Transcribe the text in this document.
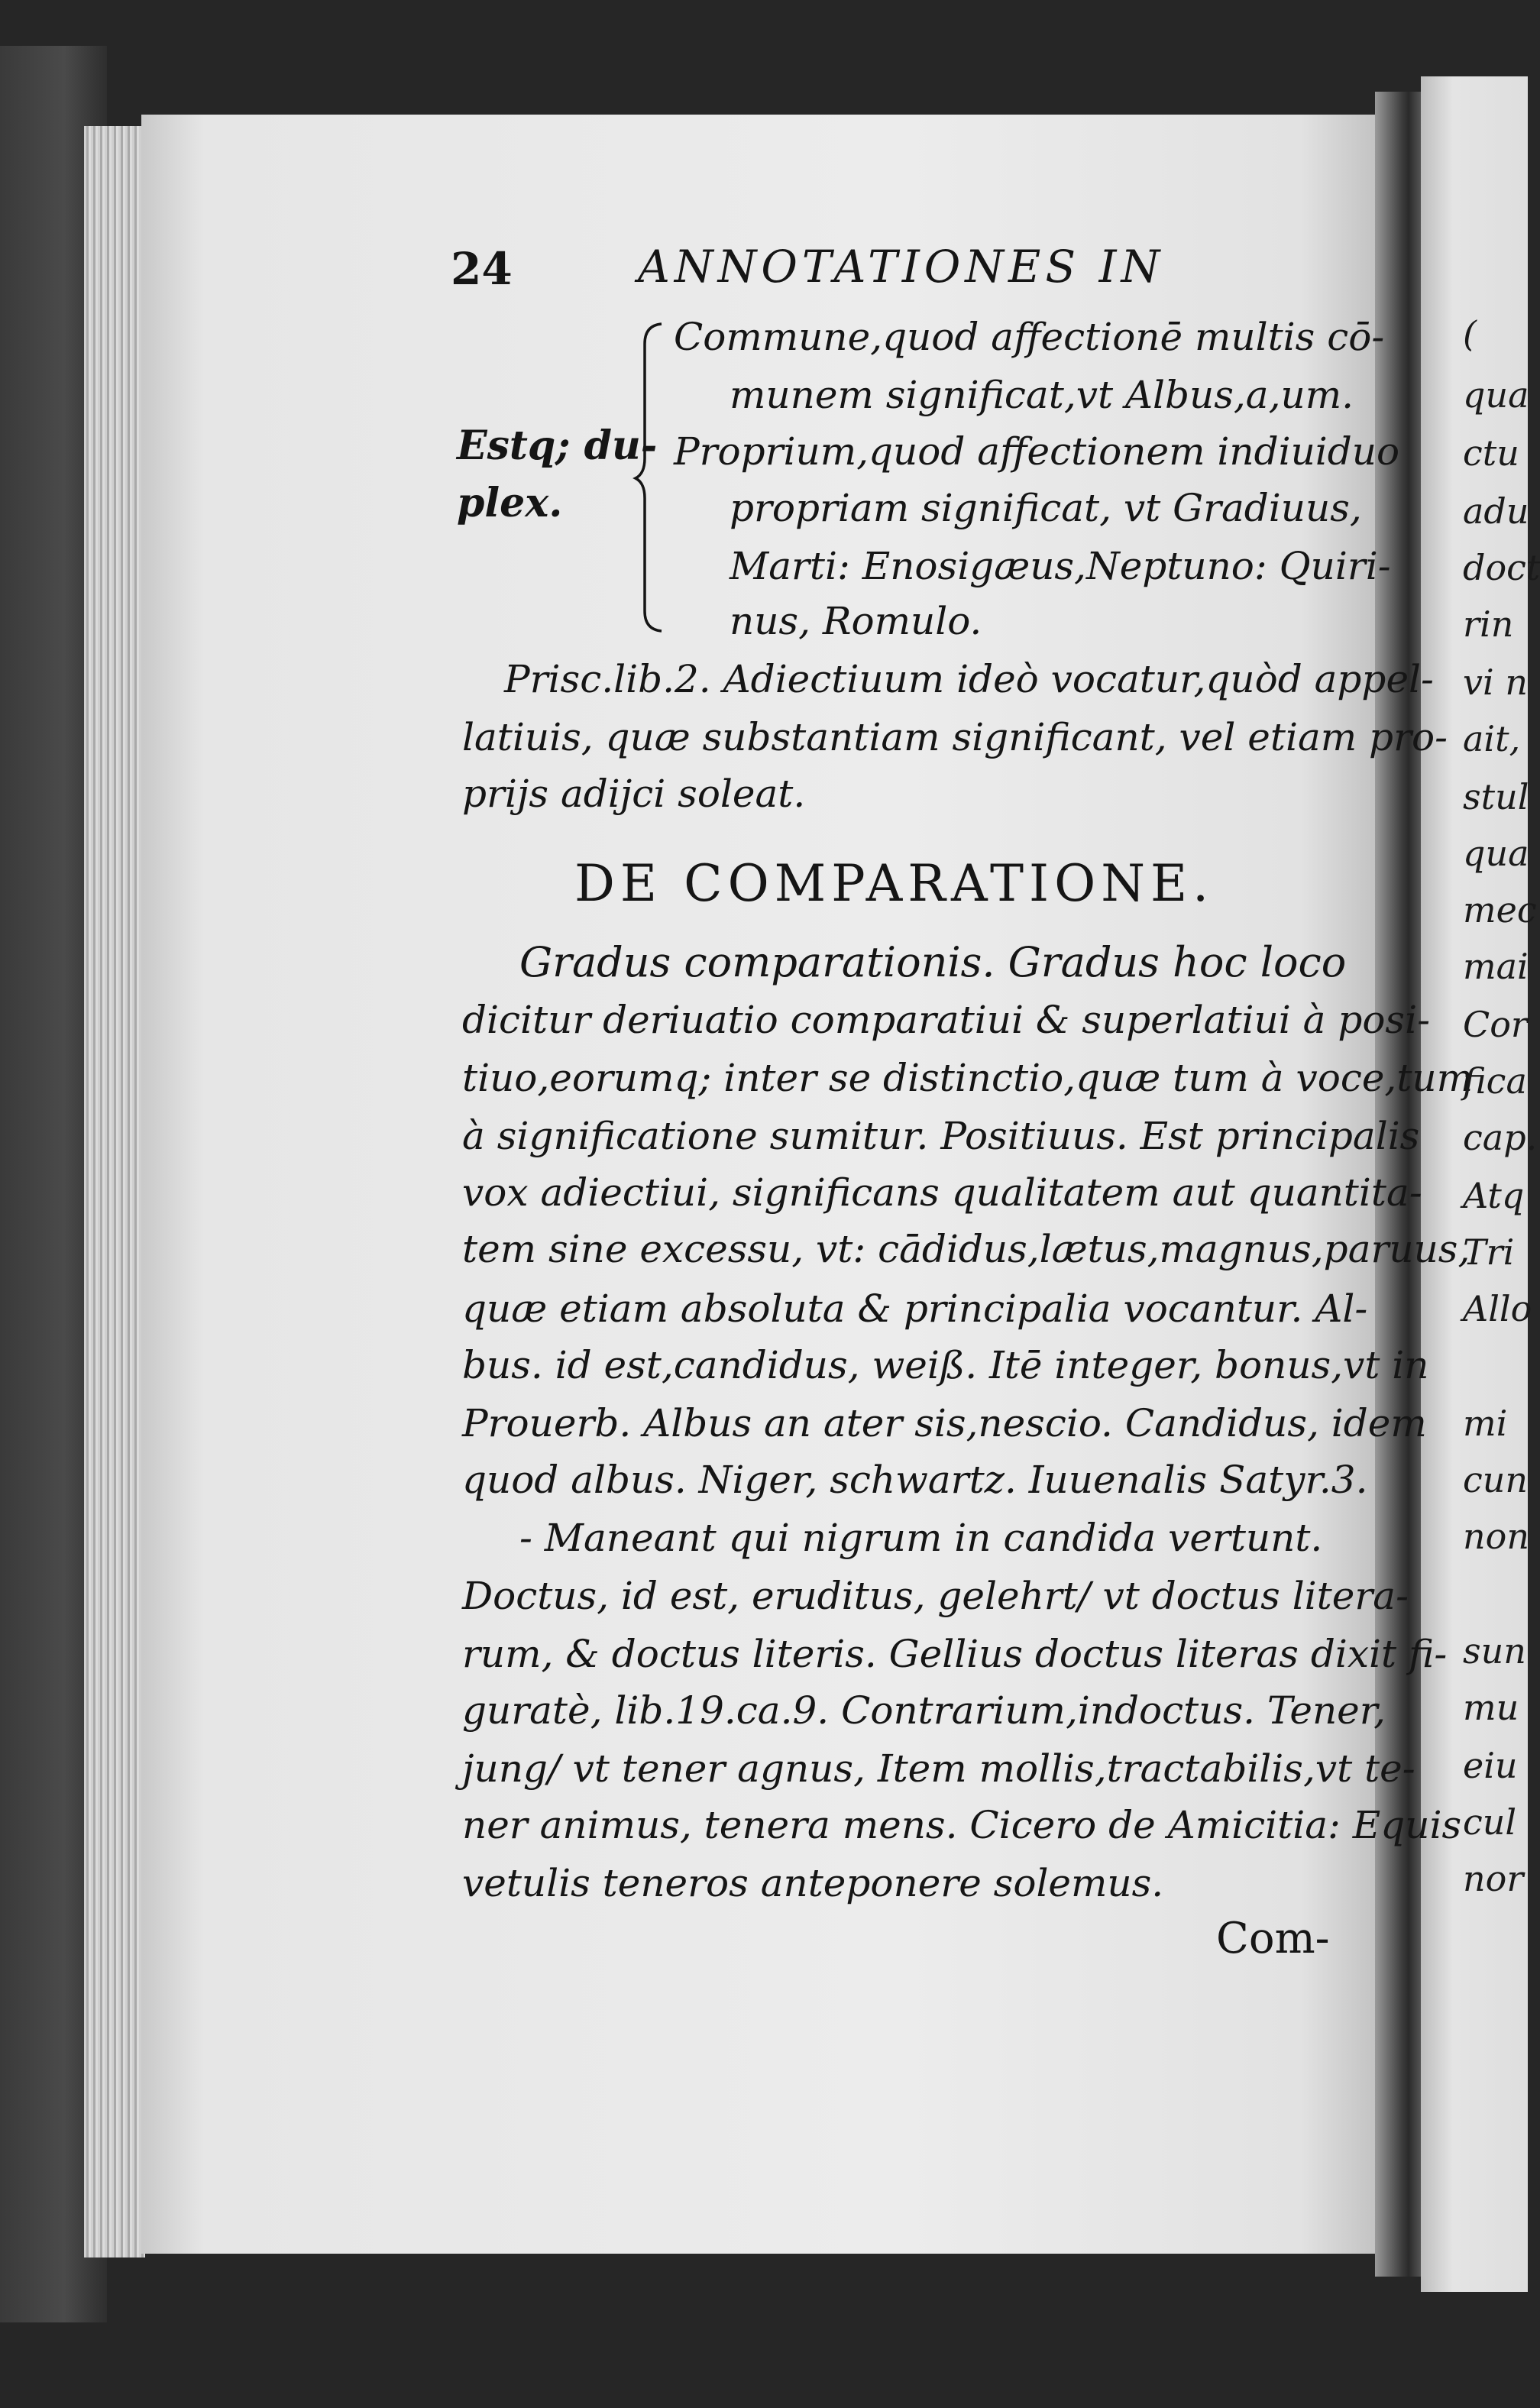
24	ANNOTATIONES IN
Estq; du-
plex.
Commune,quod affectionē multis cō-
munem significat,vt Albus,a,um.
Proprium,quod affectionem indiuiduo
propriam significat, vt Gradiuus,
Marti: Enosigæus,Neptuno: Quiri-
nus, Romulo.
Prisc.lib.2. Adiectiuum ideò vocatur,quòd appel-
latiuis, quæ substantiam significant, vel etiam pro-
prijs adijci soleat.
DE COMPARATIONE.
Gradus comparationis. Gradus hoc loco
dicitur deriuatio comparatiui & superlatiui à posi-
tiuo,eorumq; inter se distinctio,quæ tum à voce,tum
à significatione sumitur. Positiuus. Est principalis
vox adiectiui, significans qualitatem aut quantita-
tem sine excessu, vt: cādidus,lætus,magnus,paruus,
quæ etiam absoluta & principalia vocantur. Al-
bus. id est,candidus, weiß. Itē integer, bonus,vt in
Prouerb. Albus an ater sis,nescio. Candidus, idem
quod albus. Niger, schwartz. Iuuenalis Satyr.3.
- Maneant qui nigrum in candida vertunt.
Doctus, id est, eruditus, gelehrt/ vt doctus litera-
rum, & doctus literis. Gellius doctus literas dixit fi-
guratè, lib.19.ca.9. Contrarium,indoctus. Tener,
jung/ vt tener agnus, Item mollis,tractabilis,vt te-
ner animus, tenera mens. Cicero de Amicitia: Equis
vetulis teneros anteponere solemus.
Com-
(
qua
ctu
adu
doct
rin
vi n
ait,
stul
qua
mec
mai
Cor
fica
cap.
Atq
Tri
Allo
mi
cun
non
sun
mu
eiu
cul
nor
